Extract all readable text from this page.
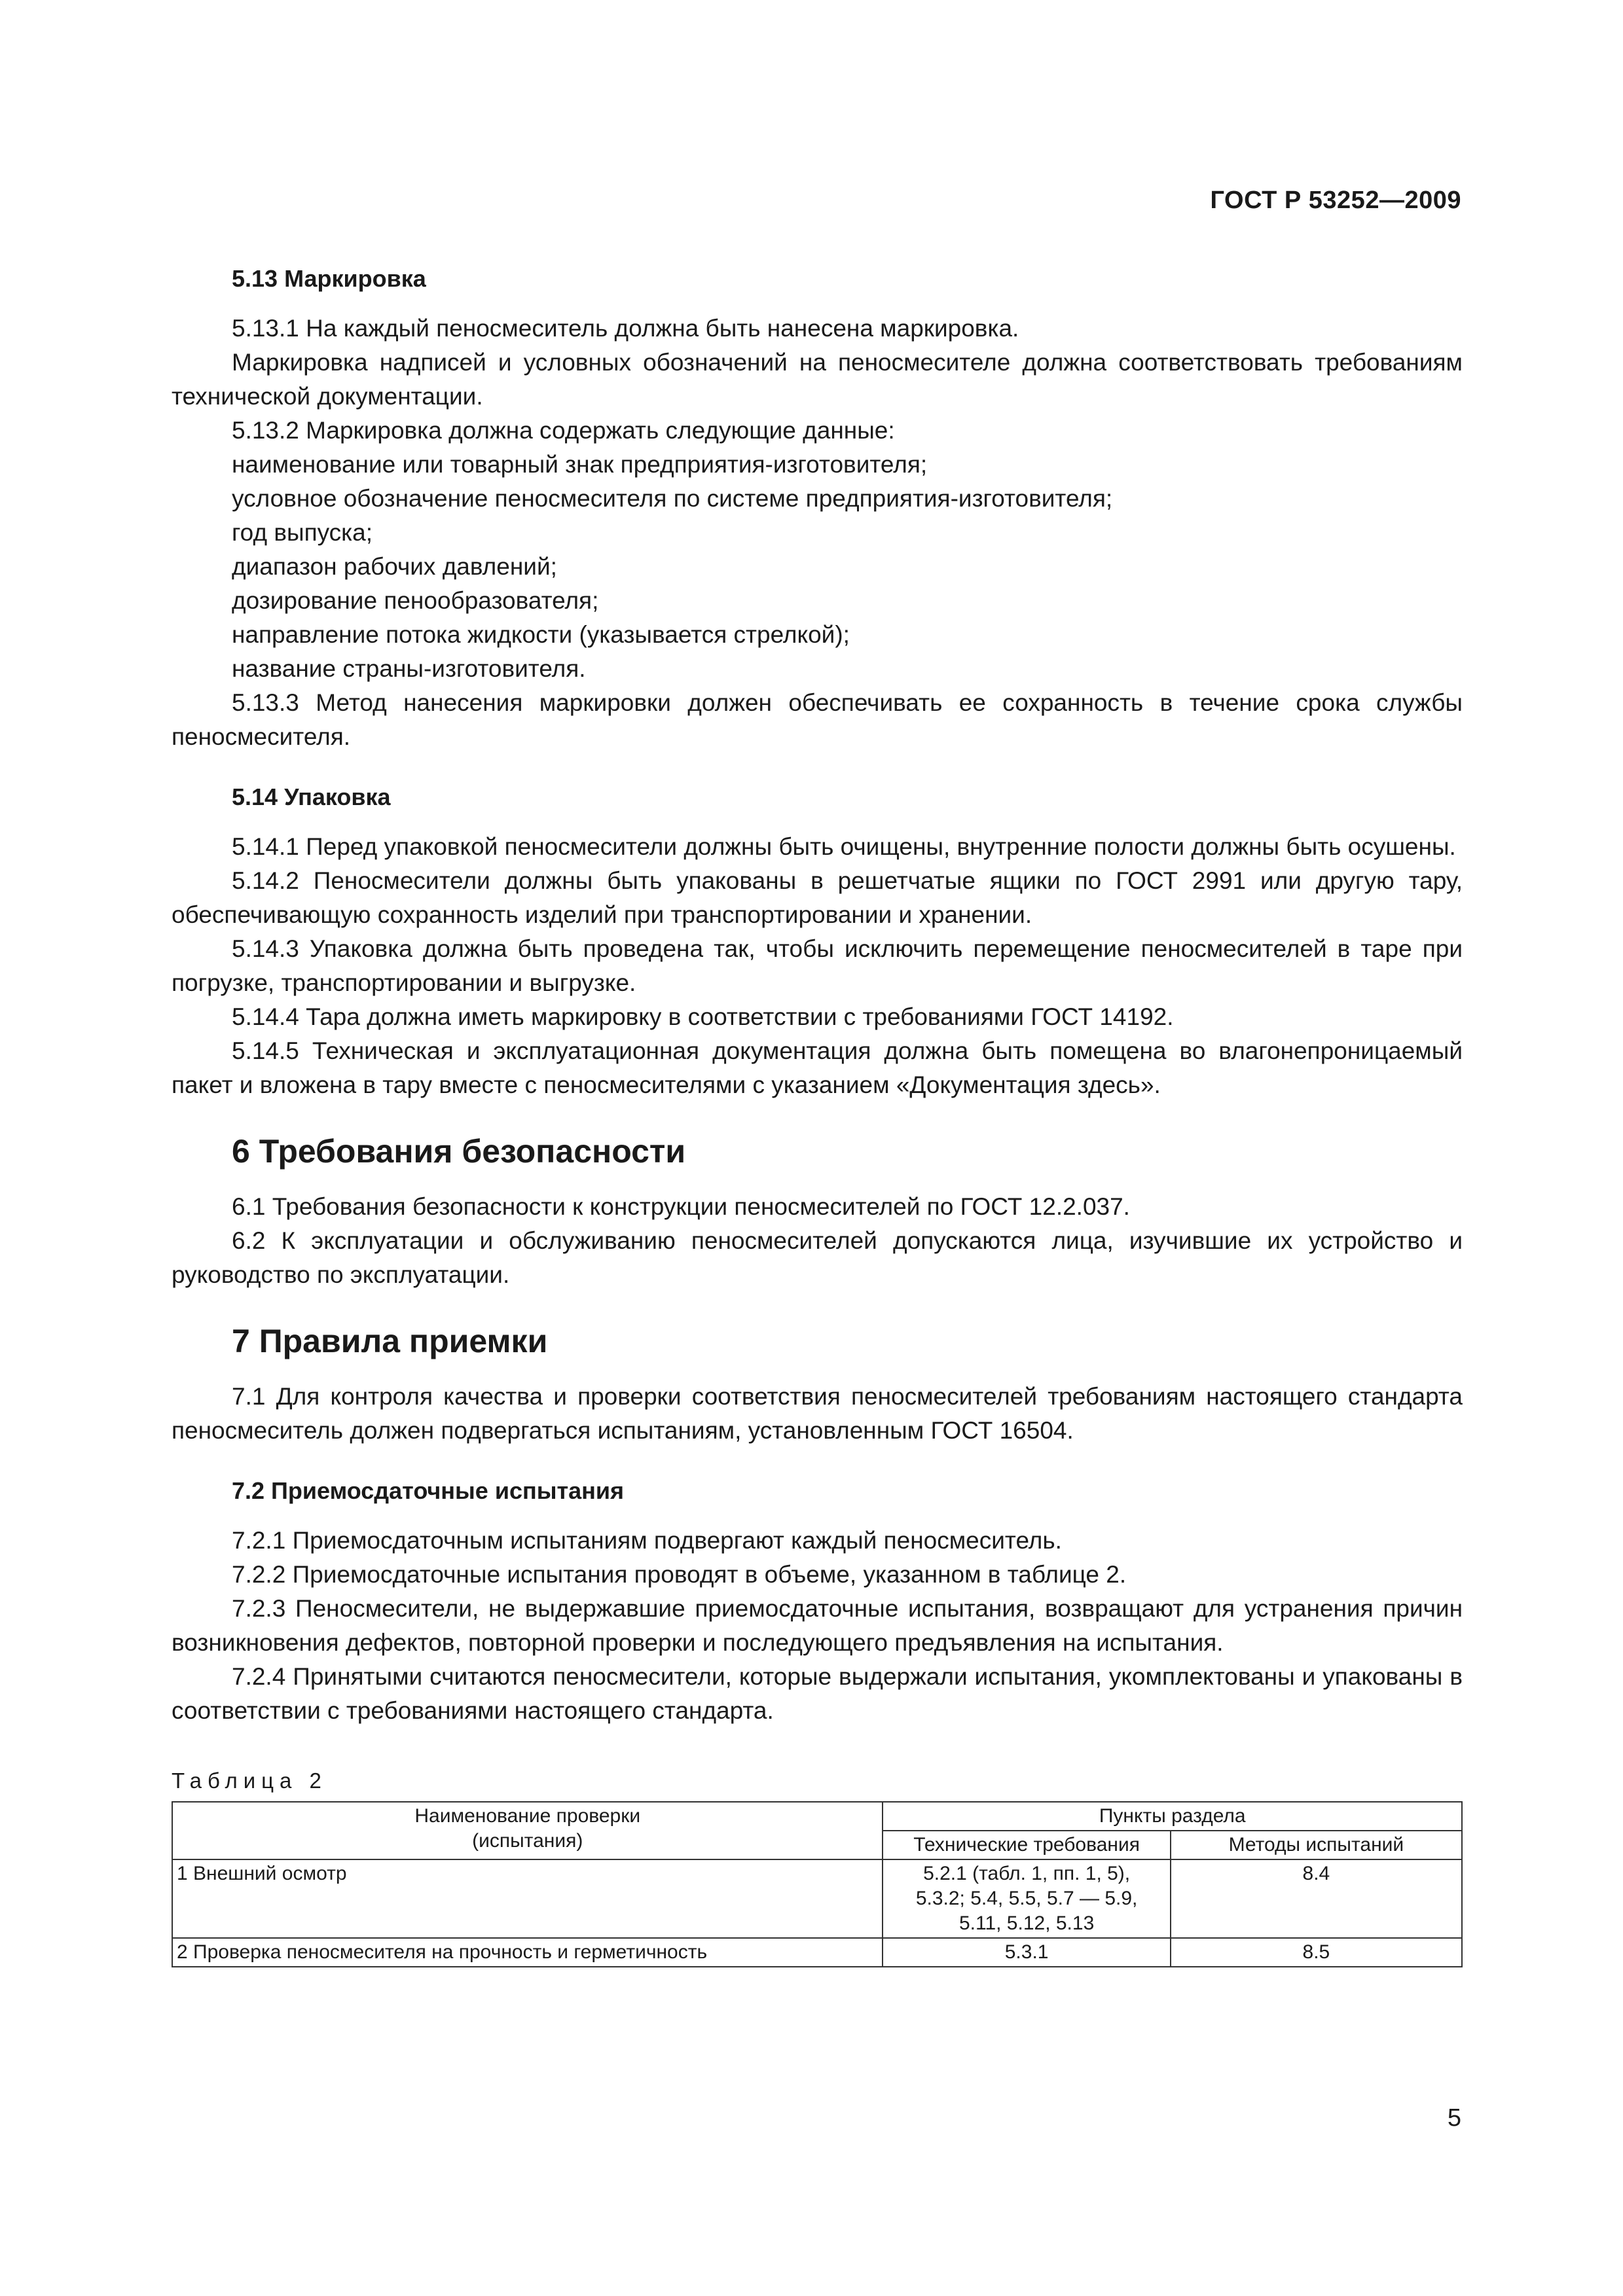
ГОСТ Р 53252—2009

5.13 Маркировка

5.13.1 На каждый пеносмеситель должна быть нанесена маркировка.

Маркировка надписей и условных обозначений на пеносмесителе должна соответствовать требованиям технической документации.

5.13.2 Маркировка должна содержать следующие данные:

наименование или товарный знак предприятия-изготовителя;

условное обозначение пеносмесителя по системе предприятия-изготовителя;

год выпуска;

диапазон рабочих давлений;

дозирование пенообразователя;

направление потока жидкости (указывается стрелкой);

название страны-изготовителя.

5.13.3 Метод нанесения маркировки должен обеспечивать ее сохранность в течение срока службы пеносмесителя.

5.14 Упаковка

5.14.1 Перед упаковкой пеносмесители должны быть очищены, внутренние полости должны быть осушены.

5.14.2 Пеносмесители должны быть упакованы в решетчатые ящики по ГОСТ 2991 или другую тару, обеспечивающую сохранность изделий при транспортировании и хранении.

5.14.3 Упаковка должна быть проведена так, чтобы исключить перемещение пеносмесителей в таре при погрузке, транспортировании и выгрузке.

5.14.4 Тара должна иметь маркировку в соответствии с требованиями ГОСТ 14192.

5.14.5 Техническая и эксплуатационная документация должна быть помещена во влагонепроницаемый пакет и вложена в тару вместе с пеносмесителями с указанием «Документация здесь».

6 Требования безопасности

6.1 Требования безопасности к конструкции пеносмесителей по ГОСТ 12.2.037.

6.2 К эксплуатации и обслуживанию пеносмесителей допускаются лица, изучившие их устройство и руководство по эксплуатации.

7 Правила приемки

7.1 Для контроля качества и проверки соответствия пеносмесителей требованиям настоящего стандарта пеносмеситель должен подвергаться испытаниям, установленным ГОСТ 16504.

7.2 Приемосдаточные испытания

7.2.1 Приемосдаточным испытаниям подвергают каждый пеносмеситель.

7.2.2 Приемосдаточные испытания проводят в объеме, указанном в таблице 2.

7.2.3 Пеносмесители, не выдержавшие приемосдаточные испытания, возвращают для устранения причин возникновения дефектов, повторной проверки и последующего предъявления на испытания.

7.2.4 Принятыми считаются пеносмесители, которые выдержали испытания, укомплектованы и упакованы в соответствии с требованиями настоящего стандарта.

Таблица 2

Наименование проверки
(испытания)	Пункты раздела	
	Технические требования	Методы испытаний
1 Внешний осмотр	5.2.1 (табл. 1, пп. 1, 5),
5.3.2; 5.4, 5.5, 5.7 — 5.9,
5.11, 5.12, 5.13	8.4
2 Проверка пеносмесителя на прочность и герметичность	5.3.1	8.5
5
